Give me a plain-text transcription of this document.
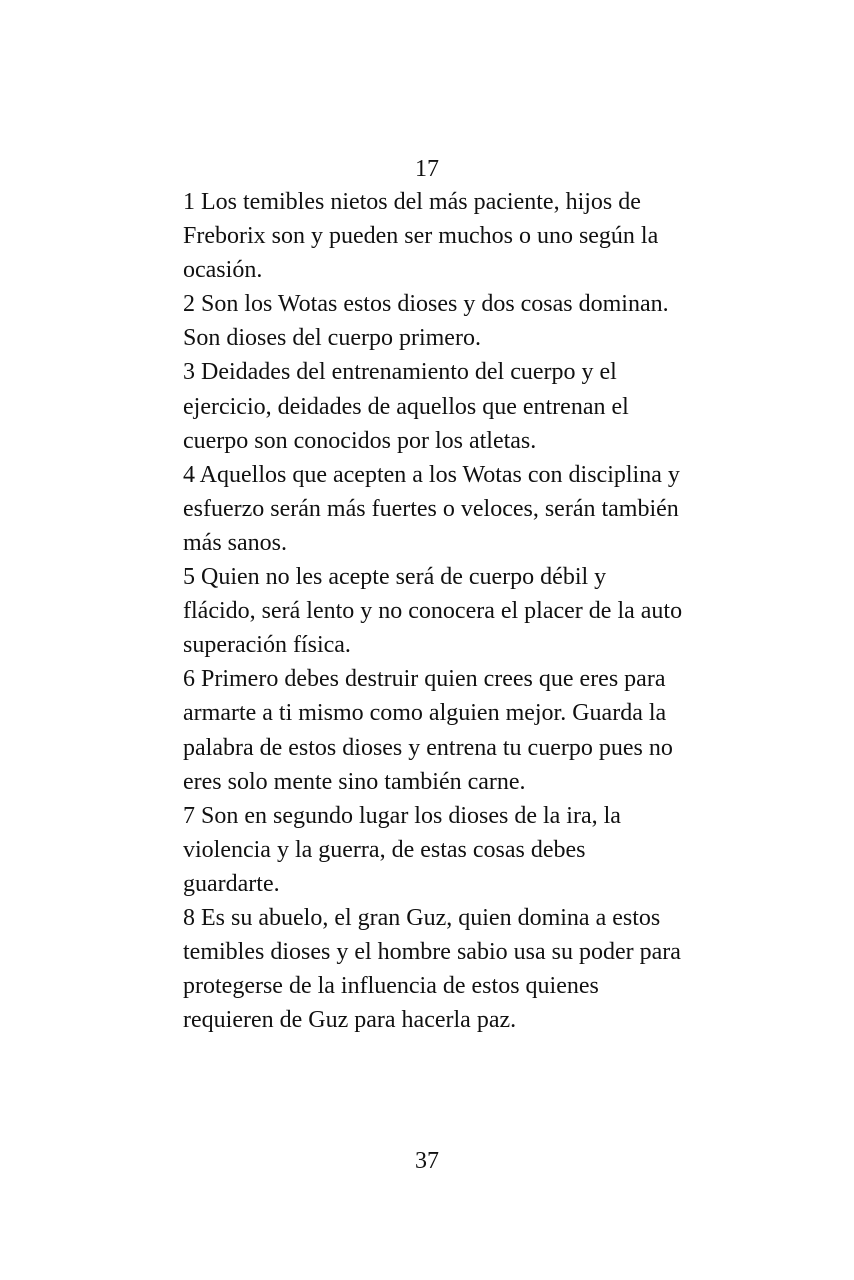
17

1 Los temibles nietos del más paciente, hijos de Freborix son y pueden ser muchos o uno según la ocasión.

2 Son los Wotas estos dioses y dos cosas dominan. Son dioses del cuerpo primero.

3 Deidades del entrenamiento del cuerpo y el ejercicio, deidades de aquellos que entrenan el cuerpo son conocidos por los atletas.

4 Aquellos que acepten a los Wotas con disciplina y esfuerzo serán más fuertes o veloces, serán también más sanos.

5 Quien no les acepte será de cuerpo débil y flácido, será lento y no conocera el placer de la auto superación física.

6 Primero debes destruir quien crees que eres para armarte a ti mismo como alguien mejor. Guarda la palabra de estos dioses y entrena tu cuerpo pues no eres solo mente sino también carne.

7 Son en segundo lugar los dioses de la ira, la violencia y la guerra, de estas cosas debes guardarte.

8 Es su abuelo, el gran Guz, quien domina a estos temibles dioses y el hombre sabio usa su poder para protegerse de la influencia de estos quienes requieren de Guz para hacerla paz.

37
